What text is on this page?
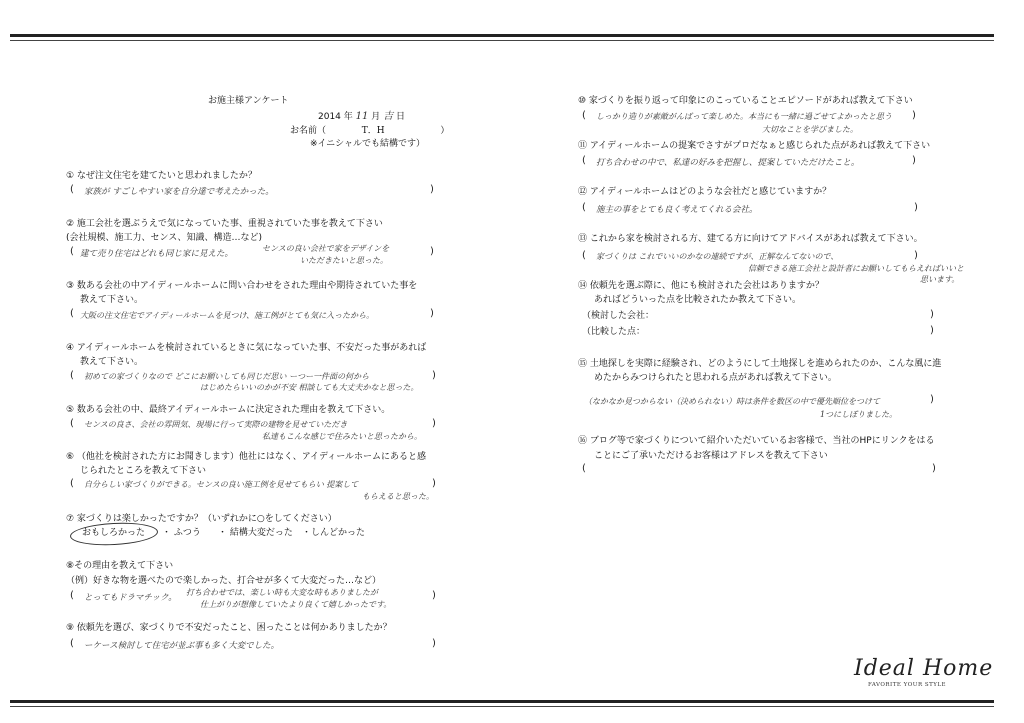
お施主様アンケート
2014 年 11 月 吉 日
お名前（	T．H	）
※イニシャルでも結構です）
① なぜ注文住宅を建てたいと思われましたか？
( 家族が すごしやすい家を自分達で考えたかった。	)
② 施工会社を選ぶうえで気になっていた事、重視されていた事を教えて下さい
(会社規模、施工力、センス、知識、構造…など)
( 建て売り住宅はどれも同じ家に見えた。
センスの良い会社で家をデザインを
いただきたいと思った。
)
③ 数ある会社の中アイディールホームに問い合わせをされた理由や期待されていた事を
教えて下さい。
( 大阪の注文住宅でアイディールホームを見つけ、施工例がとても気に入ったから。	)
④ アイディールホームを検討されているときに気になっていた事、不安だった事があれば
教えて下さい。
( 初めての家づくりなので どこにお願いしても同じだ思い ーつー一件面の何から
はじめたらいいのかが不安 相談しても大丈夫かなと思った。
)
⑤ 数ある会社の中、最終アイディールホームに決定された理由を教えて下さい。
( センスの良さ、会社の雰囲気、現場に行って実際の建物を見せていただき
私達もこんな感じで住みたいと思ったから。
)
⑥ （他社を検討された方にお聞きします）他社にはなく、アイディールホームにあると感
じられたところを教えて下さい
( 自分らしい家づくりができる。センスの良い施工例を見せてもらい 提案して
もらえると思った。
)
⑦ 家づくりは楽しかったですか？（いずれかに○をしてください）
おもしろかった ・ ふつう ・ 結構大変だった ・しんどかった
⑧その理由を教えて下さい
（例）好きな物を選べたので楽しかった、打合せが多くて大変だった…など）
( とってもドラマチック。
打ち合わせでは、楽しい時も大変な時もありましたが
仕上がりが想像していたより良くて嬉しかったです。
)
⑨ 依頼先を選び、家づくりで不安だったこと、困ったことは何かありましたか？
( ーケース検討して住宅が並ぶ事も多く大変でした。	)
⑩ 家づくりを振り返って印象にのこっていることエピソードがあれば教えて下さい
( しっかり造りが素敵がんばって楽しめた。本当にも一緒に過ごせてよかったと思う
大切なことを学びました。
)
⑪ アイディールホームの提案でさすがプロだなぁと感じられた点があれば教えて下さい
( 打ち合わせの中で、私達の好みを把握し、提案していただけたこと。	)
⑫ アイディールホームはどのような会社だと感じていますか？
( 施主の事をとても良く考えてくれる会社。	)
⑬ これから家を検討される方、建てる方に向けてアドバイスがあれば教えて下さい。
( 家づくりは これでいいのかなの連続ですが、正解なんてないので、
信頼できる施工会社と設計者にお願いしてもらえればいいと
思います。
)
⑭ 依頼先を選ぶ際に、他にも検討された会社はありますか？
あればどういった点を比較されたか教えて下さい。
（検討した会社：	)
（比較した点：	)
⑮ 土地探しを実際に経験され、どのようにして土地探しを進められたのか、こんな風に進
めたからみつけられたと思われる点があれば教えて下さい。
（なかなか見つからない（決められない）時は条件を数区の中で優先順位をつけて
1つにしぼりました。
)
⑯ ブログ等で家づくりについて紹介いただいているお客様で、当社のHPにリンクをはる
ことにご了承いただけるお客様はアドレスを教えて下さい
(	)
Ideal Home
FAVORITE YOUR STYLE
